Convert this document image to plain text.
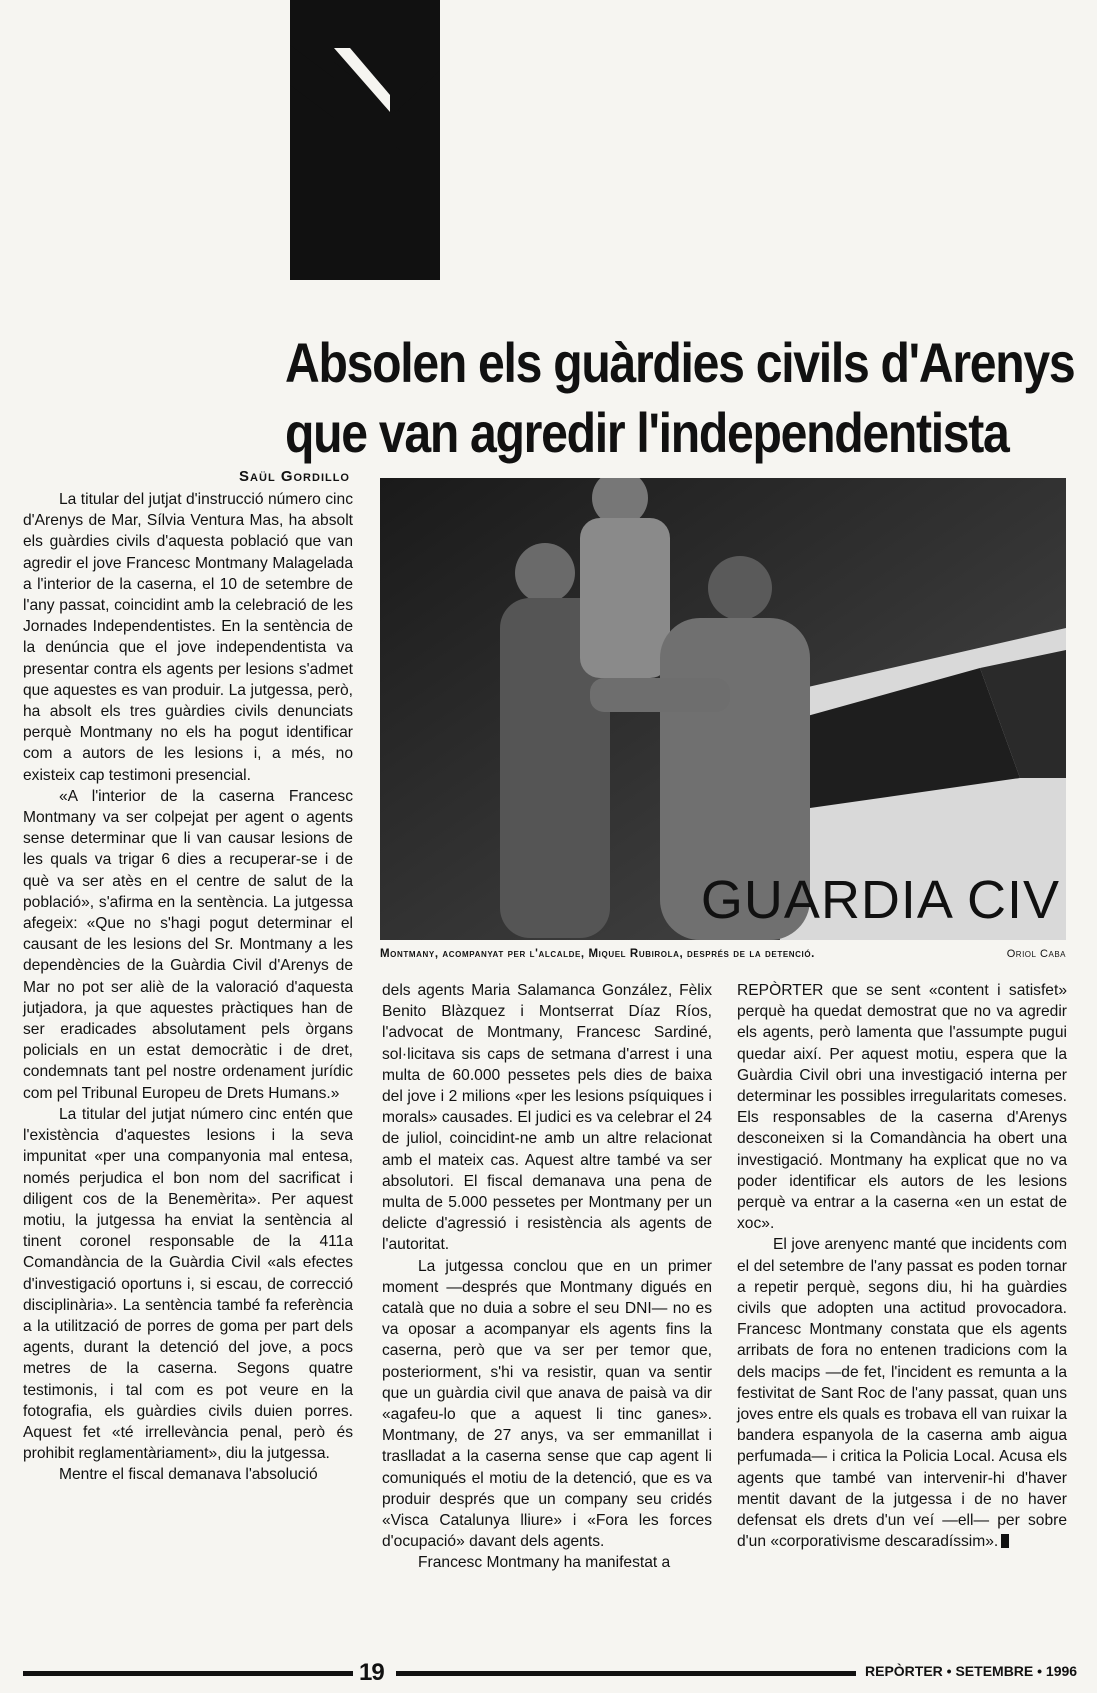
Absolen els guàrdies civils d'Arenys
que van agredir l'independentista
Saül Gordillo

La titular del jutjat d'instrucció número cinc d'Arenys de Mar, Sílvia Ventura Mas, ha absolt els guàrdies civils d'aquesta població que van agredir el jove Francesc Montmany Malagelada a l'interior de la caserna, el 10 de setembre de l'any passat, coincidint amb la celebració de les Jornades Independentistes. En la sentència de la denúncia que el jove independentista va presentar contra els agents per lesions s'admet que aquestes es van produir. La jutgessa, però, ha absolt els tres guàrdies civils denunciats perquè Montmany no els ha pogut identificar com a autors de les lesions i, a més, no existeix cap testimoni presencial.

«A l'interior de la caserna Francesc Montmany va ser colpejat per agent o agents sense determinar que li van causar lesions de les quals va trigar 6 dies a recuperar-se i de què va ser atès en el centre de salut de la població», s'afirma en la sentència. La jutgessa afegeix: «Que no s'hagi pogut determinar el causant de les lesions del Sr. Montmany a les dependències de la Guàrdia Civil d'Arenys de Mar no pot ser aliè de la valoració d'aquesta jutjadora, ja que aquestes pràctiques han de ser eradicades absolutament pels òrgans policials en un estat democràtic i de dret, condemnats tant pel nostre ordenament jurídic com pel Tribunal Europeu de Drets Humans.»

La titular del jutjat número cinc entén que l'existència d'aquestes lesions i la seva impunitat «per una companyonia mal entesa, només perjudica el bon nom del sacrificat i diligent cos de la Benemèrita». Per aquest motiu, la jutgessa ha enviat la sentència al tinent coronel responsable de la 411a Comandància de la Guàrdia Civil «als efectes d'investigació oportuns i, si escau, de correcció disciplinària». La sentència també fa referència a la utilització de porres de goma per part dels agents, durant la detenció del jove, a pocs metres de la caserna. Segons quatre testimonis, i tal com es pot veure en la fotografia, els guàrdies civils duien porres. Aquest fet «té irrellevància penal, però és prohibit reglamentàriament», diu la jutgessa.

Mentre el fiscal demanava l'absolució

GUARDIA CIV
Montmany, acompanyat per l'alcalde, Miquel Rubirola, després de la detenció.	Oriol Caba

dels agents Maria Salamanca González, Fèlix Benito Blàzquez i Montserrat Díaz Ríos, l'advocat de Montmany, Francesc Sardiné, sol·licitava sis caps de setmana d'arrest i una multa de 60.000 pessetes pels dies de baixa del jove i 2 milions «per les lesions psíquiques i morals» causades. El judici es va celebrar el 24 de juliol, coincidint-ne amb un altre relacionat amb el mateix cas. Aquest altre també va ser absolutori. El fiscal demanava una pena de multa de 5.000 pessetes per Montmany per un delicte d'agressió i resistència als agents de l'autoritat.

La jutgessa conclou que en un primer moment —després que Montmany digués en català que no duia a sobre el seu DNI— no es va oposar a acompanyar els agents fins la caserna, però que va ser per temor que, posteriorment, s'hi va resistir, quan va sentir que un guàrdia civil que anava de paisà va dir «agafeu-lo que a aquest li tinc ganes». Montmany, de 27 anys, va ser emmanillat i traslladat a la caserna sense que cap agent li comuniqués el motiu de la detenció, que es va produir després que un company seu cridés «Visca Catalunya lliure» i «Fora les forces d'ocupació» davant dels agents.

Francesc Montmany ha manifestat a

REPÒRTER que se sent «content i satisfet» perquè ha quedat demostrat que no va agredir els agents, però lamenta que l'assumpte pugui quedar així. Per aquest motiu, espera que la Guàrdia Civil obri una investigació interna per determinar les possibles irregularitats comeses. Els responsables de la caserna d'Arenys desconeixen si la Comandància ha obert una investigació. Montmany ha explicat que no va poder identificar els autors de les lesions perquè va entrar a la caserna «en un estat de xoc».

El jove arenyenc manté que incidents com el del setembre de l'any passat es poden tornar a repetir perquè, segons diu, hi ha guàrdies civils que adopten una actitud provocadora. Francesc Montmany constata que els agents arribats de fora no entenen tradicions com la dels macips —de fet, l'incident es remunta a la festivitat de Sant Roc de l'any passat, quan uns joves entre els quals es trobava ell van ruixar la bandera espanyola de la caserna amb aigua perfumada— i critica la Policia Local. Acusa els agents que també van intervenir-hi d'haver mentit davant de la jutgessa i de no haver defensat els drets d'un veí —ell— per sobre d'un «corporativisme descaradíssim».

19	REPÒRTER • SETEMBRE • 1996
